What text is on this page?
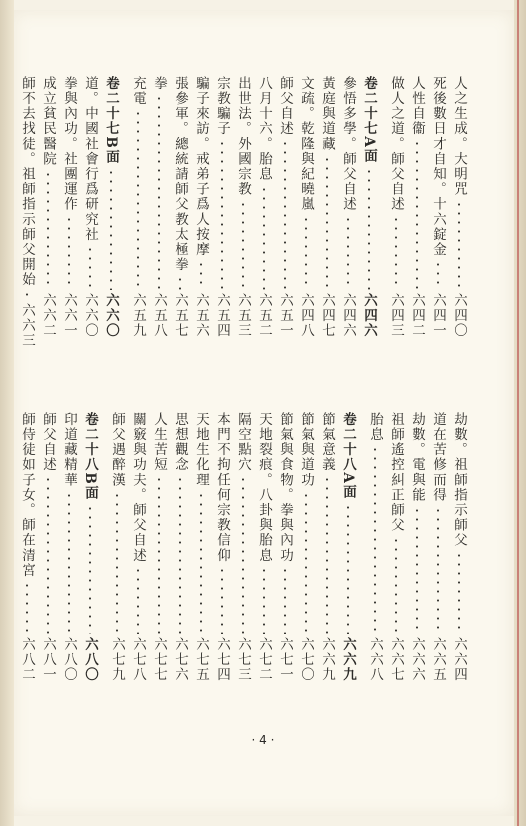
人之生成。大明咒
六四〇
死後數日才自知。十六錠金
六四一
人性自衞
六四二
做人之道。師父自述
六四三
卷二十七A面
六四六
參悟多學。師父自述
六四六
黃庭與道藏
六四七
文疏。乾隆與紀曉嵐
六四八
師父自述
六五一
八月十六。胎息
六五二
出世法。外國宗教
六五三
宗教騙子
六五四
騙子來訪。戒弟子爲人按摩
六五六
張參軍。總統請師父教太極拳
六五七
拳
六五八
充電
六五九
卷二十七B面
六六〇
道。中國社會行爲研究社
六六〇
拳與內功。社團運作
六六一
成立貧民醫院
六六二
師不去找徒。祖師指示師父開始
六六三
劫數。祖師指示師父
六六四
道在苦修而得
六六五
劫數。電與能
六六六
祖師遙控糾正師父
六六七
胎息
六六八
卷二十八A面
六六九
節氣意義
六六九
節氣與道功
六七〇
節氣與食物。拳與內功
六七一
天地裂痕。八卦與胎息
六七二
隔空點穴
六七三
本門不拘任何宗教信仰
六七四
天地生化理
六七五
思想觀念
六七六
人生苦短
六七七
關竅與功夫。師父自述
六七八
師父遇醉漢
六七九
卷二十八B面
六八〇
印道藏精華
六八〇
師父自述
六八一
師侍徒如子女。師在清宮
六八二
· 4 ·
